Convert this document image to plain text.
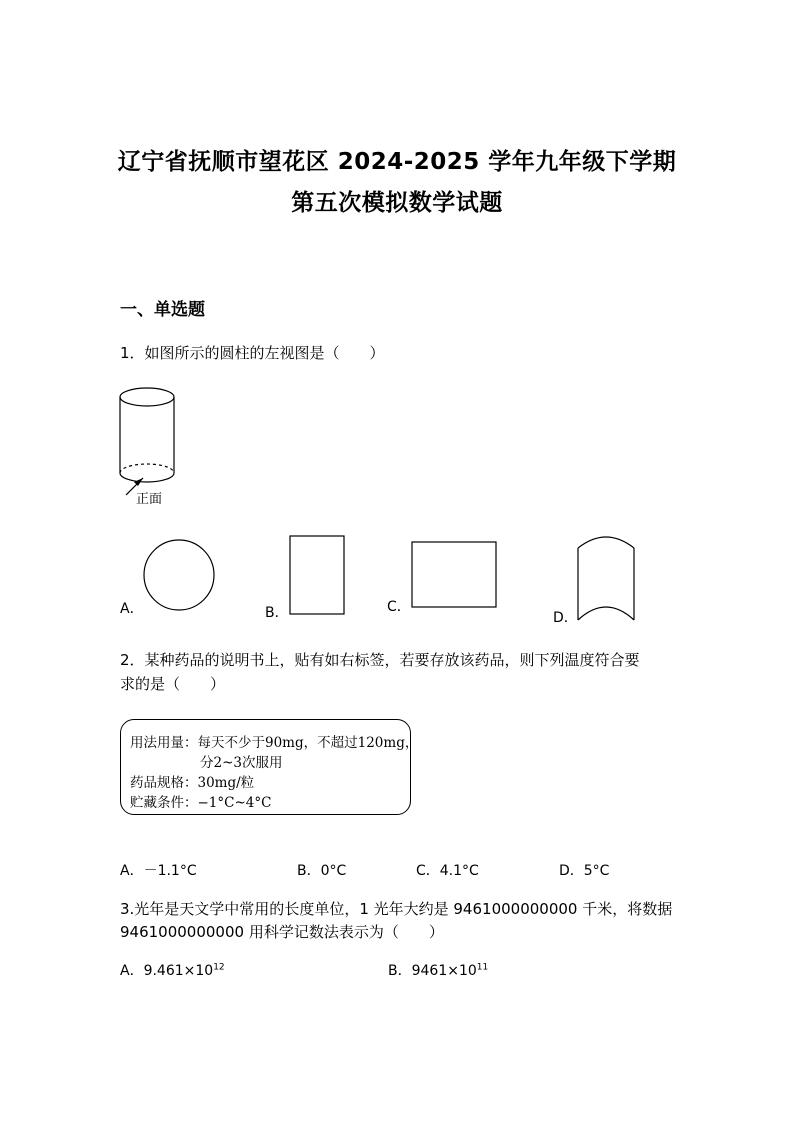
辽宁省抚顺市望花区 2024-2025 学年九年级下学期
第五次模拟数学试题
一、单选题
1．如图所示的圆柱的左视图是（　　）
正面
A．	B．	C．
D．
2．某种药品的说明书上，贴有如右标签，若要存放该药品，则下列温度符合要
求的是（　　）
用法用量：每天不少于90mg，不超过120mg，
分2~3次服用
药品规格：30mg/粒
贮藏条件：−1°C~4°C
A．－1.1°C	B．0°C	C．4.1°C	D．5°C
3.光年是天文学中常用的长度单位，1 光年大约是 9461000000000 千米，将数据
9461000000000 用科学记数法表示为（　　）
A．$9.461\times 10^{12}$	B．$9461\times 10^{11}$
